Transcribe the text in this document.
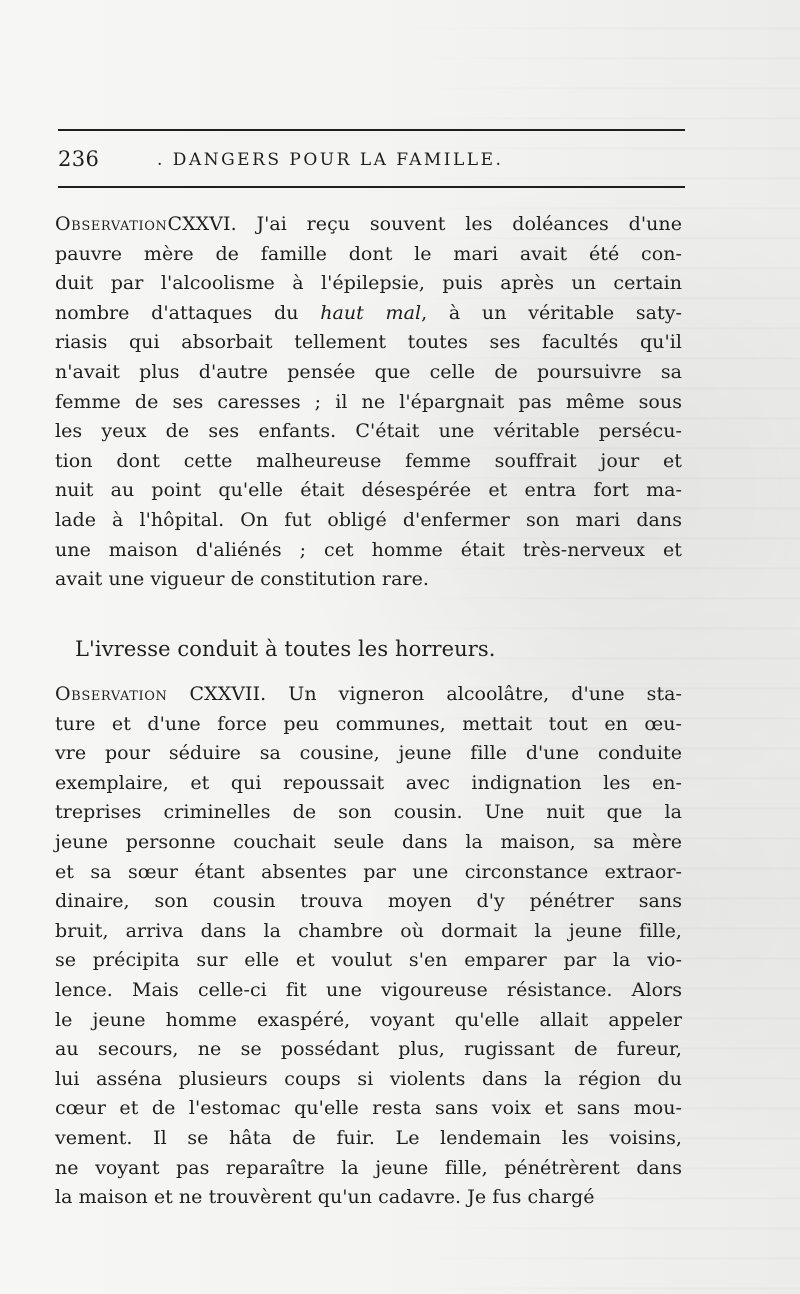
236	. DANGERS POUR LA FAMILLE.
ObservationCXXVI. J'ai reçu souvent les doléances d'une
pauvre mère de famille dont le mari avait été con-
duit par l'alcoolisme à l'épilepsie, puis après un certain
nombre d'attaques du haut mal, à un véritable saty-
riasis qui absorbait tellement toutes ses facultés qu'il
n'avait plus d'autre pensée que celle de poursuivre sa
femme de ses caresses ; il ne l'épargnait pas même sous
les yeux de ses enfants. C'était une véritable persécu-
tion dont cette malheureuse femme souffrait jour et
nuit au point qu'elle était désespérée et entra fort ma-
lade à l'hôpital. On fut obligé d'enfermer son mari dans
une maison d'aliénés ; cet homme était très-nerveux et
avait une vigueur de constitution rare.
L'ivresse conduit à toutes les horreurs.
Observation CXXVII. Un vigneron alcoolâtre, d'une sta-
ture et d'une force peu communes, mettait tout en œu-
vre pour séduire sa cousine, jeune fille d'une conduite
exemplaire, et qui repoussait avec indignation les en-
treprises criminelles de son cousin. Une nuit que la
jeune personne couchait seule dans la maison, sa mère
et sa sœur étant absentes par une circonstance extraor-
dinaire, son cousin trouva moyen d'y pénétrer sans
bruit, arriva dans la chambre où dormait la jeune fille,
se précipita sur elle et voulut s'en emparer par la vio-
lence. Mais celle-ci fit une vigoureuse résistance. Alors
le jeune homme exaspéré, voyant qu'elle allait appeler
au secours, ne se possédant plus, rugissant de fureur,
lui asséna plusieurs coups si violents dans la région du
cœur et de l'estomac qu'elle resta sans voix et sans mou-
vement. Il se hâta de fuir. Le lendemain les voisins,
ne voyant pas reparaître la jeune fille, pénétrèrent dans
la maison et ne trouvèrent qu'un cadavre. Je fus chargé
